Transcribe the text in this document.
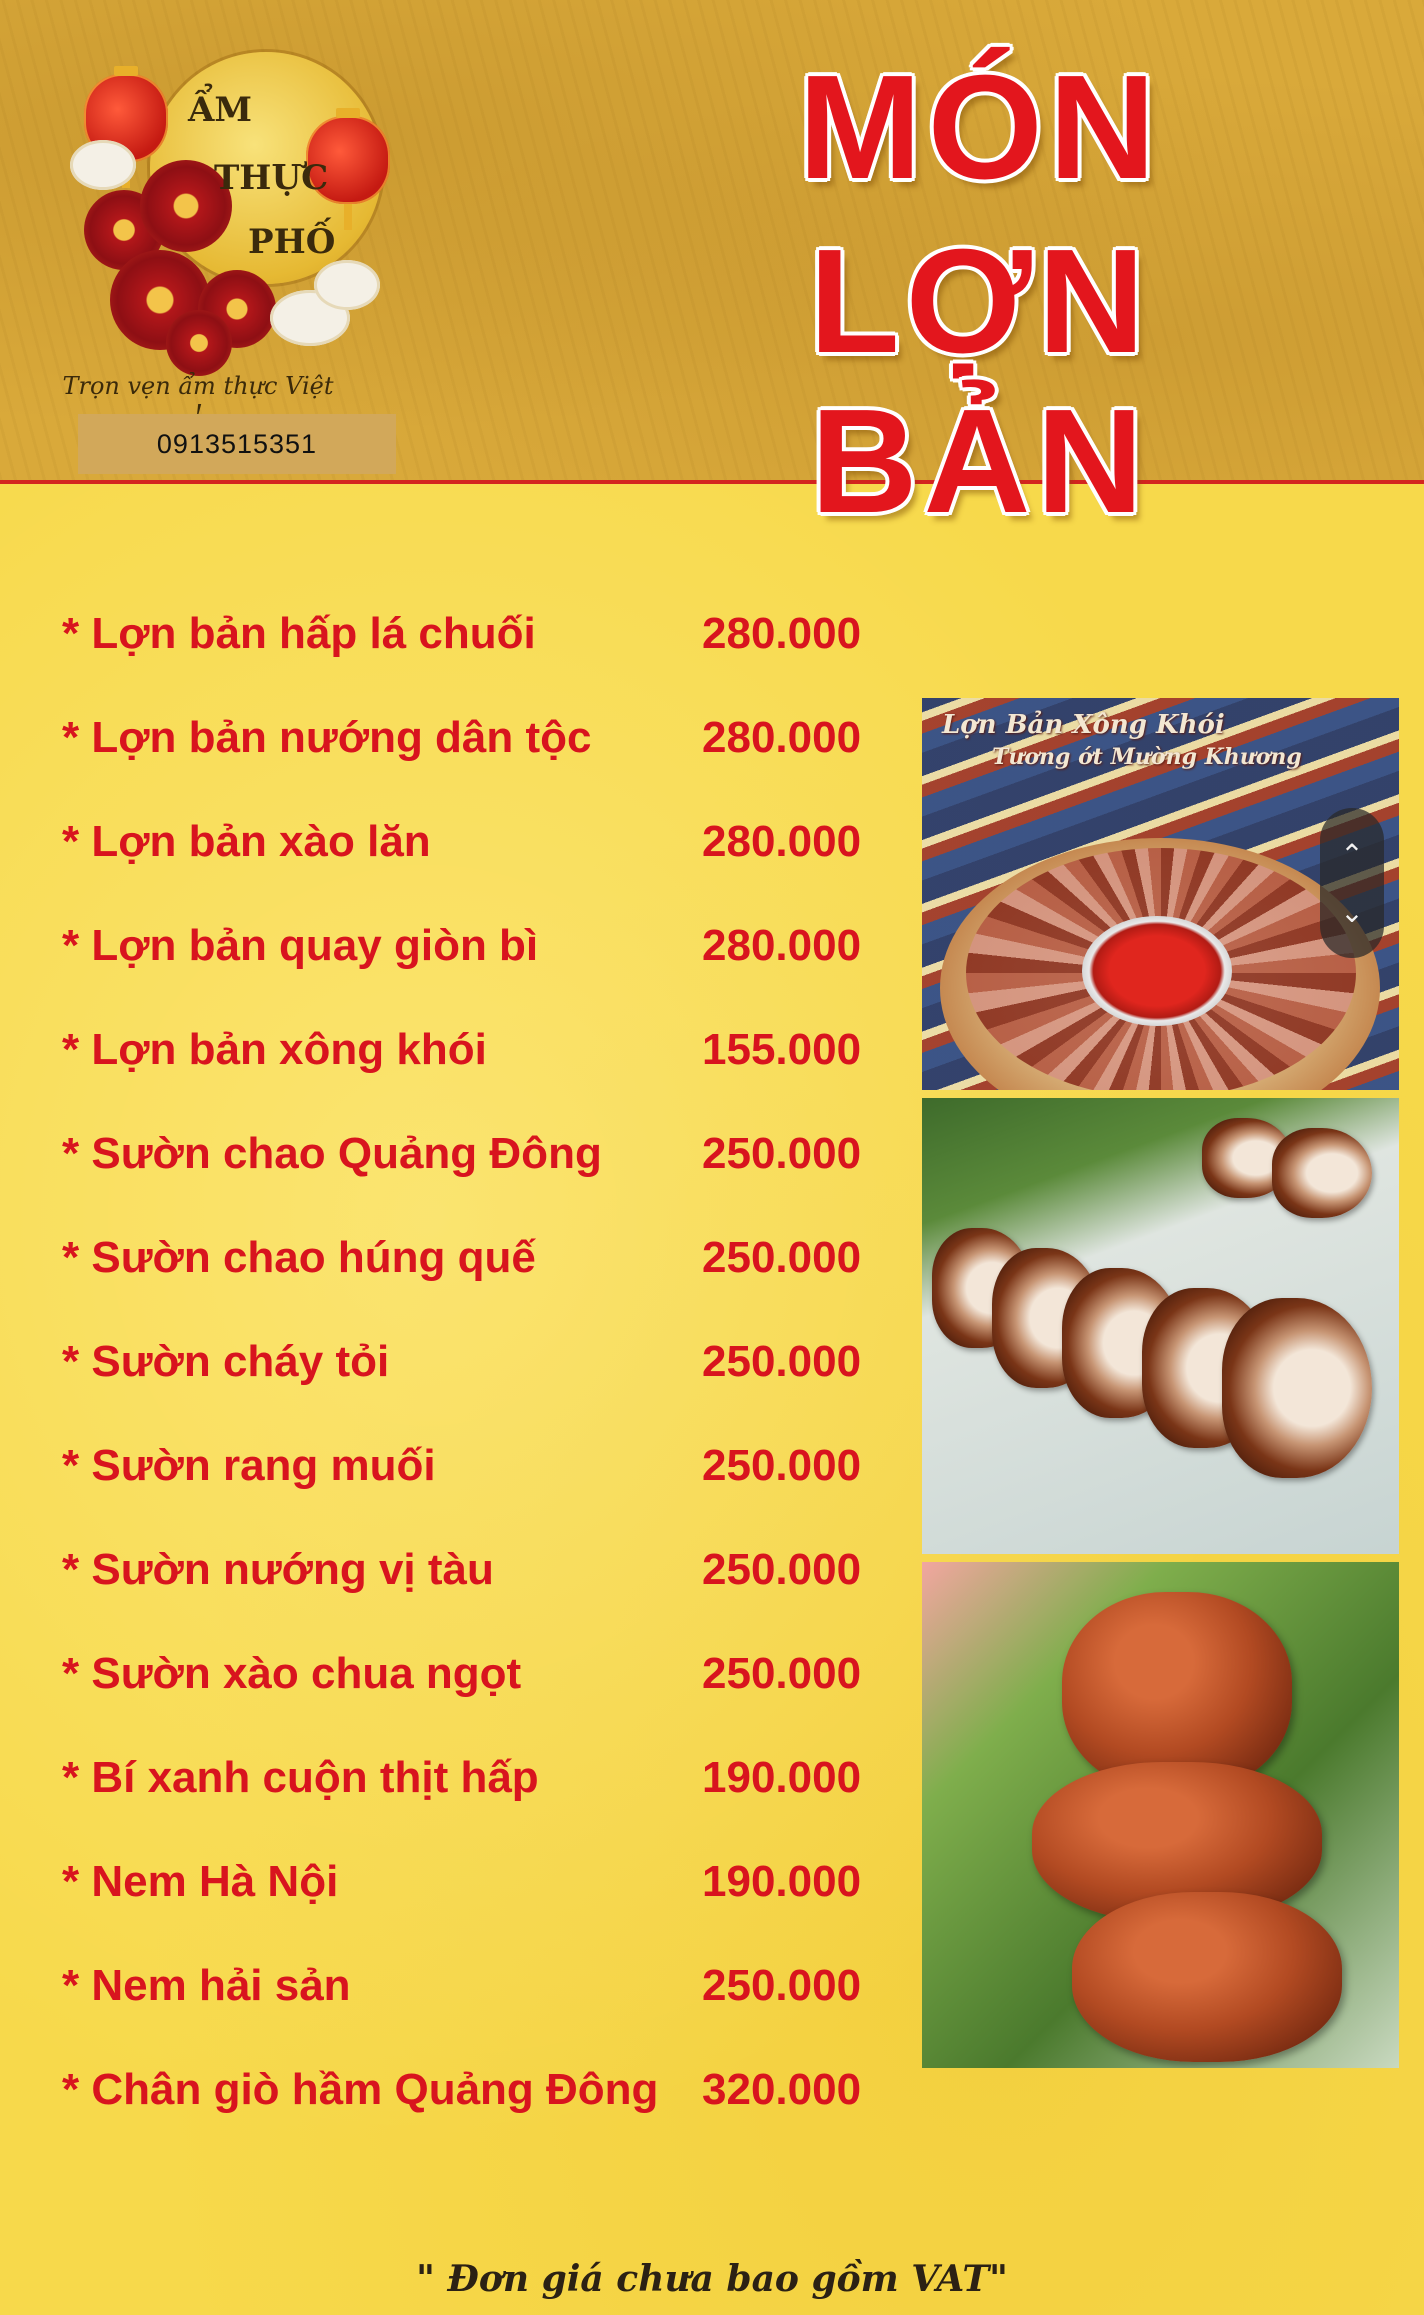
ẨM
THỰC
PHỐ
Trọn vẹn ẩm thực Việt
0913515351
MÓN
LỢN BẢN
* Lợn bản hấp lá chuối	280.000
* Lợn bản nướng dân tộc	280.000
* Lợn bản xào lăn	280.000
* Lợn bản quay giòn bì	280.000
* Lợn bản xông khói	155.000
* Sườn chao Quảng Đông 250.000
* Sườn chao húng quế	250.000
* Sườn cháy tỏi	250.000
* Sườn rang muối	250.000
* Sườn nướng vị tàu	250.000
* Sườn xào chua ngọt	250.000
* Bí xanh cuộn thịt hấp	190.000
* Nem Hà Nội	190.000
* Nem hải sản	250.000
* Chân giò hầm Quảng Đông 320.000
Lợn Bản Xông Khói
Tương ớt Mường Khương
⌃
⌄
" Đơn giá chưa bao gồm VAT"
